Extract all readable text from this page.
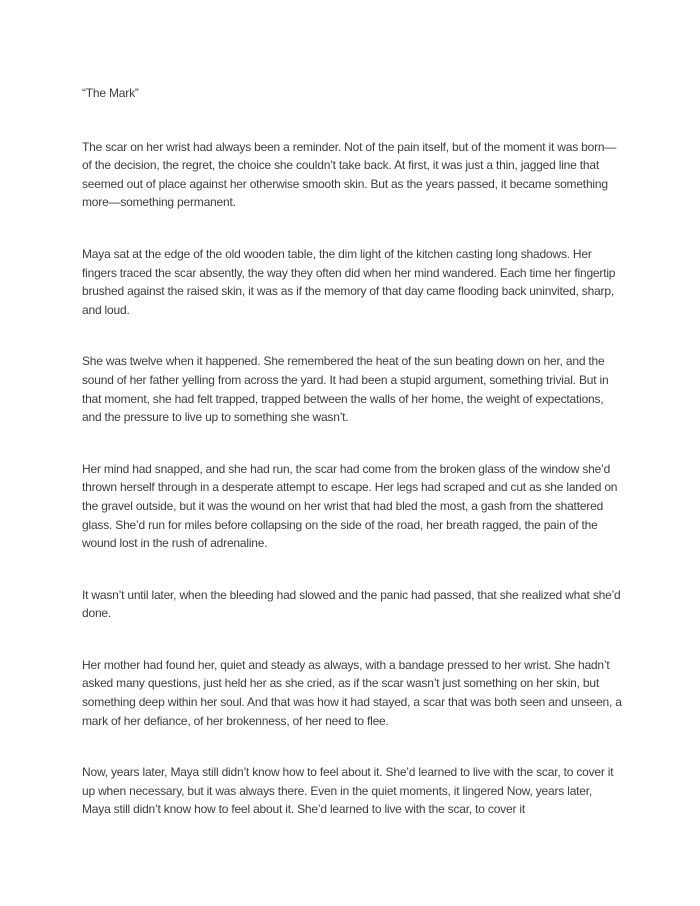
“The Mark”

The scar on her wrist had always been a reminder. Not of the pain itself, but of the moment it was born—of the decision, the regret, the choice she couldn’t take back. At first, it was just a thin, jagged line that seemed out of place against her otherwise smooth skin. But as the years passed, it became something more—something permanent.

Maya sat at the edge of the old wooden table, the dim light of the kitchen casting long shadows. Her fingers traced the scar absently, the way they often did when her mind wandered. Each time her fingertip brushed against the raised skin, it was as if the memory of that day came flooding back uninvited, sharp, and loud.

She was twelve when it happened. She remembered the heat of the sun beating down on her, and the sound of her father yelling from across the yard. It had been a stupid argument, something trivial. But in that moment, she had felt trapped, trapped between the walls of her home, the weight of expectations, and the pressure to live up to something she wasn’t.

Her mind had snapped, and she had run, the scar had come from the broken glass of the window she’d thrown herself through in a desperate attempt to escape. Her legs had scraped and cut as she landed on the gravel outside, but it was the wound on her wrist that had bled the most, a gash from the shattered glass. She’d run for miles before collapsing on the side of the road, her breath ragged, the pain of the wound lost in the rush of adrenaline.

It wasn’t until later, when the bleeding had slowed and the panic had passed, that she realized what she’d done.

Her mother had found her, quiet and steady as always, with a bandage pressed to her wrist. She hadn’t asked many questions, just held her as she cried, as if the scar wasn’t just something on her skin, but something deep within her soul. And that was how it had stayed, a scar that was both seen and unseen, a mark of her defiance, of her brokenness, of her need to flee.

Now, years later, Maya still didn’t know how to feel about it. She’d learned to live with the scar, to cover it up when necessary, but it was always there. Even in the quiet moments, it lingered Now, years later, Maya still didn’t know how to feel about it. She’d learned to live with the scar, to cover it
